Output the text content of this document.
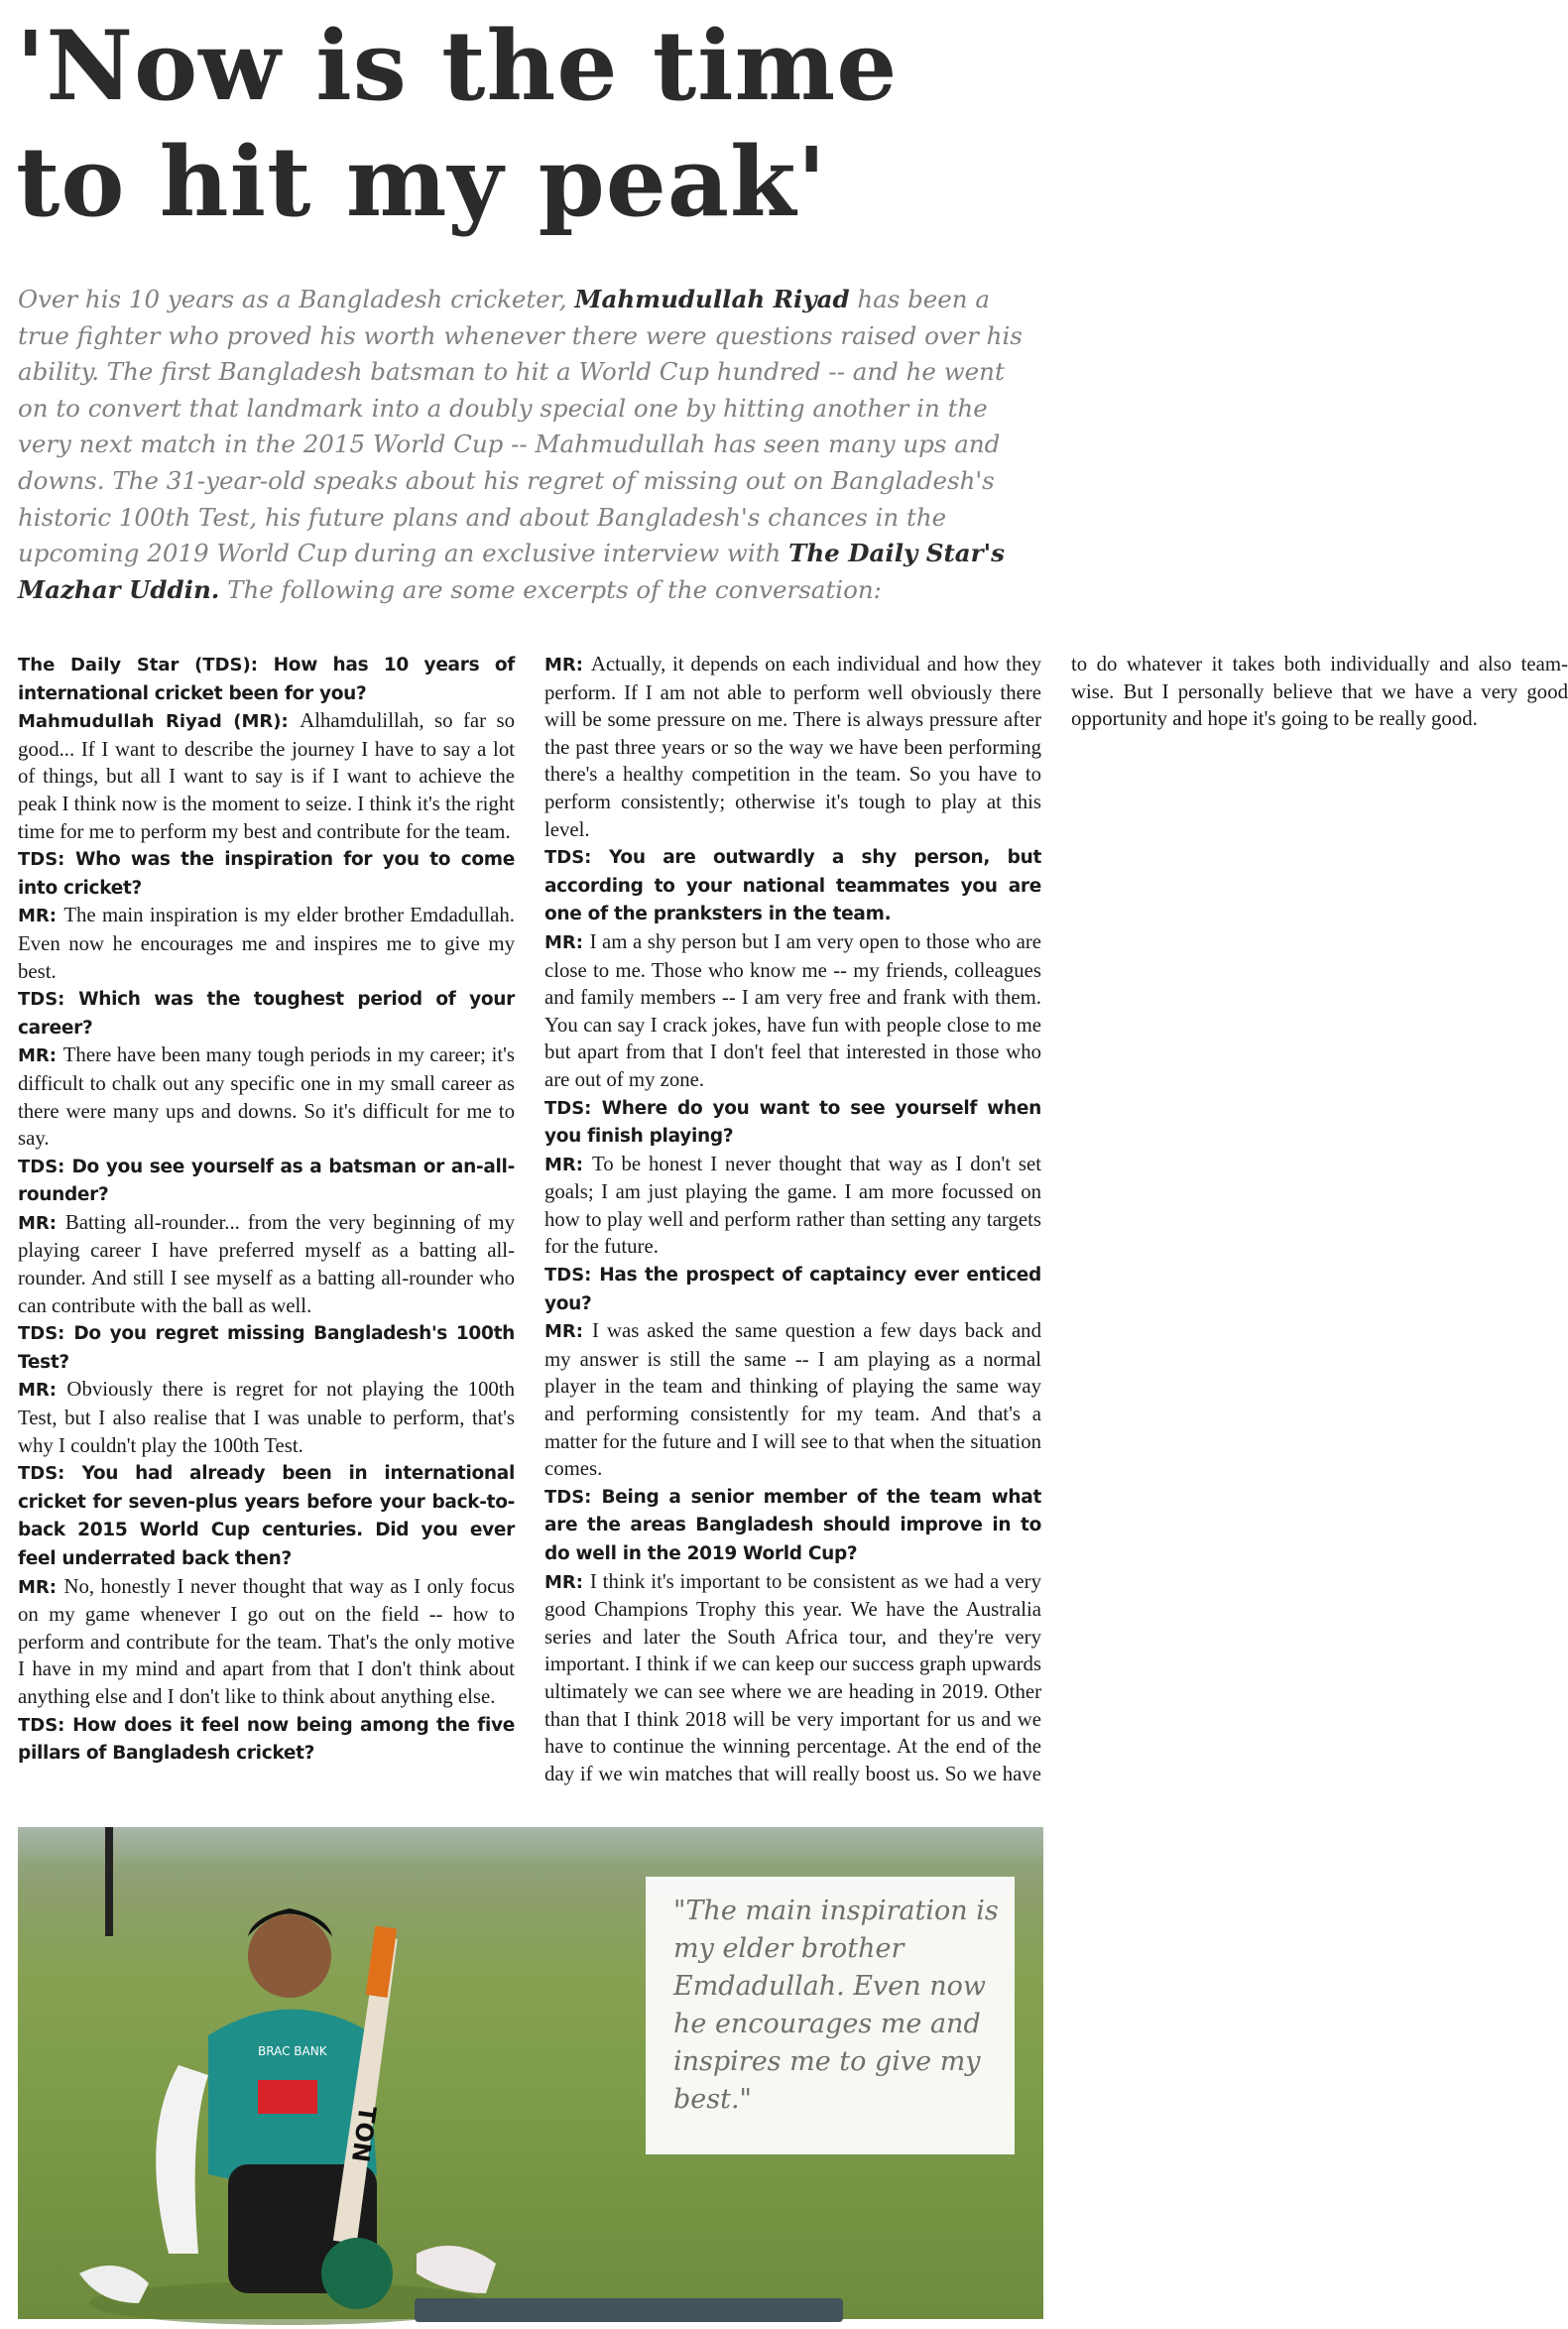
'Now is the time
to hit my peak'
Over his 10 years as a Bangladesh cricketer, Mahmudullah Riyad has been a true fighter who proved his worth whenever there were questions raised over his ability. The first Bangladesh batsman to hit a World Cup hundred -- and he went on to convert that landmark into a doubly special one by hitting another in the very next match in the 2015 World Cup -- Mahmudullah has seen many ups and downs. The 31-year-old speaks about his regret of missing out on Bangladesh's historic 100th Test, his future plans and about Bangladesh's chances in the upcoming 2019 World Cup during an exclusive interview with The Daily Star's Mazhar Uddin. The following are some excerpts of the conversation:

The Daily Star (TDS): How has 10 years of international cricket been for you?

Mahmudullah Riyad (MR): Alhamdulillah, so far so good... If I want to describe the journey I have to say a lot of things, but all I want to say is if I want to achieve the peak I think now is the moment to seize. I think it's the right time for me to perform my best and contribute for the team.

TDS: Who was the inspiration for you to come into cricket?

MR: The main inspiration is my elder brother Emdadullah. Even now he encourages me and inspires me to give my best.

TDS: Which was the toughest period of your career?

MR: There have been many tough periods in my career; it's difficult to chalk out any specific one in my small career as there were many ups and downs. So it's difficult for me to say.

TDS: Do you see yourself as a batsman or an-all-rounder?

MR: Batting all-rounder... from the very beginning of my playing career I have preferred myself as a batting all-rounder. And still I see myself as a batting all-rounder who can contribute with the ball as well.

TDS: Do you regret missing Bangladesh's 100th Test?

MR: Obviously there is regret for not playing the 100th Test, but I also realise that I was unable to perform, that's why I couldn't play the 100th Test.

TDS: You had already been in international cricket for seven-plus years before your back-to-back 2015 World Cup centuries. Did you ever feel underrated back then?

MR: No, honestly I never thought that way as I only focus on my game whenever I go out on the field -- how to perform and contribute for the team. That's the only motive I have in my mind and apart from that I don't think about anything else and I don't like to think about anything else.

TDS: How does it feel now being among the five pillars of Bangladesh cricket?

MR: Actually, it depends on each individual and how they perform. If I am not able to perform well obviously there will be some pressure on me. There is always pressure after the past three years or so the way we have been performing there's a healthy competition in the team. So you have to perform consistently; otherwise it's tough to play at this level.

TDS: You are outwardly a shy person, but according to your national teammates you are one of the pranksters in the team.

MR: I am a shy person but I am very open to those who are close to me. Those who know me -- my friends, colleagues and family members -- I am very free and frank with them. You can say I crack jokes, have fun with people close to me but apart from that I don't feel that interested in those who are out of my zone.

TDS: Where do you want to see yourself when you finish playing?

MR: To be honest I never thought that way as I don't set goals; I am just playing the game. I am more focussed on how to play well and perform rather than setting any targets for the future.

TDS: Has the prospect of captaincy ever enticed you?

MR: I was asked the same question a few days back and my answer is still the same -- I am playing as a normal player in the team and thinking of playing the same way and performing consistently for my team. And that's a matter for the future and I will see to that when the situation comes.

TDS: Being a senior member of the team what are the areas Bangladesh should improve in to do well in the 2019 World Cup?

MR: I think it's important to be consistent as we had a very good Champions Trophy this year. We have the Australia series and later the South Africa tour, and they're very important. I think if we can keep our success graph upwards ultimately we can see where we are heading in 2019. Other than that I think 2018 will be very important for us and we have to continue the winning percentage. At the end of the day if we win matches that will really boost us. So we have to do whatever it takes both individually and also team-wise. But I personally believe that we have a very good opportunity and hope it's going to be really good.

BRAC BANK
TON
"The main inspiration is my elder brother Emdadullah. Even now he encourages me and inspires me to give my best."
